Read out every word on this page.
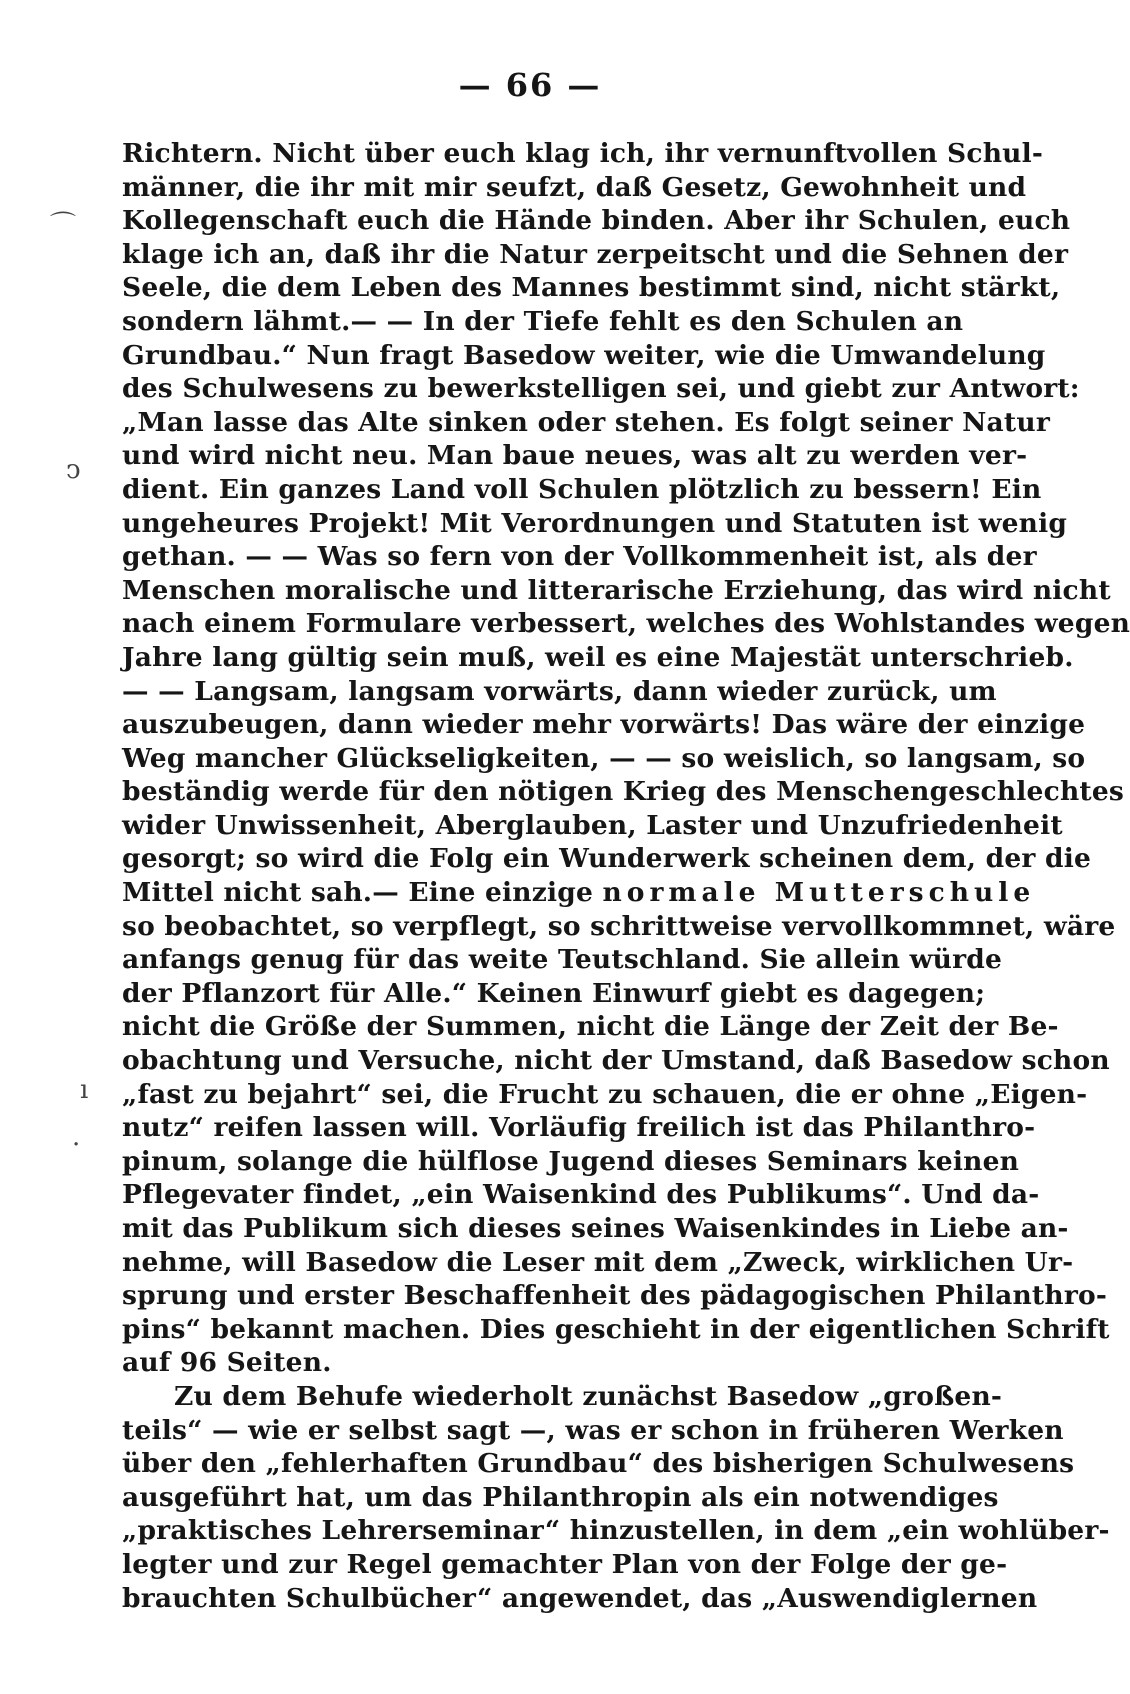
— 66 —
⌒
ↄ
ı
·
Richtern. Nicht über euch klag ich, ihr vernunftvollen Schul-
männer, die ihr mit mir seufzt, daß Gesetz, Gewohnheit und
Kollegenschaft euch die Hände binden. Aber ihr Schulen, euch
klage ich an, daß ihr die Natur zerpeitscht und die Sehnen der
Seele, die dem Leben des Mannes bestimmt sind, nicht stärkt,
sondern lähmt.— — In der Tiefe fehlt es den Schulen an
Grundbau.“ Nun fragt Basedow weiter, wie die Umwandelung
des Schulwesens zu bewerkstelligen sei, und giebt zur Antwort:
„Man lasse das Alte sinken oder stehen. Es folgt seiner Natur
und wird nicht neu. Man baue neues, was alt zu werden ver-
dient. Ein ganzes Land voll Schulen plötzlich zu bessern! Ein
ungeheures Projekt! Mit Verordnungen und Statuten ist wenig
gethan. — — Was so fern von der Vollkommenheit ist, als der
Menschen moralische und litterarische Erziehung, das wird nicht
nach einem Formulare verbessert, welches des Wohlstandes wegen
Jahre lang gültig sein muß, weil es eine Majestät unterschrieb.
— — Langsam, langsam vorwärts, dann wieder zurück, um
auszubeugen, dann wieder mehr vorwärts! Das wäre der einzige
Weg mancher Glückseligkeiten, — — so weislich, so langsam, so
beständig werde für den nötigen Krieg des Menschengeschlechtes
wider Unwissenheit, Aberglauben, Laster und Unzufriedenheit
gesorgt; so wird die Folg ein Wunderwerk scheinen dem, der die
Mittel nicht sah.— Eine einzige normale Mutterschule
so beobachtet, so verpflegt, so schrittweise vervollkommnet, wäre
anfangs genug für das weite Teutschland. Sie allein würde
der Pflanzort für Alle.“ Keinen Einwurf giebt es dagegen;
nicht die Größe der Summen, nicht die Länge der Zeit der Be-
obachtung und Versuche, nicht der Umstand, daß Basedow schon
„fast zu bejahrt“ sei, die Frucht zu schauen, die er ohne „Eigen-
nutz“ reifen lassen will. Vorläufig freilich ist das Philanthro-
pinum, solange die hülflose Jugend dieses Seminars keinen
Pflegevater findet, „ein Waisenkind des Publikums“. Und da-
mit das Publikum sich dieses seines Waisenkindes in Liebe an-
nehme, will Basedow die Leser mit dem „Zweck, wirklichen Ur-
sprung und erster Beschaffenheit des pädagogischen Philanthro-
pins“ bekannt machen. Dies geschieht in der eigentlichen Schrift
auf 96 Seiten.
Zu dem Behufe wiederholt zunächst Basedow „großen-
teils“ — wie er selbst sagt —, was er schon in früheren Werken
über den „fehlerhaften Grundbau“ des bisherigen Schulwesens
ausgeführt hat, um das Philanthropin als ein notwendiges
„praktisches Lehrerseminar“ hinzustellen, in dem „ein wohlüber-
legter und zur Regel gemachter Plan von der Folge der ge-
brauchten Schulbücher“ angewendet, das „Auswendiglernen
